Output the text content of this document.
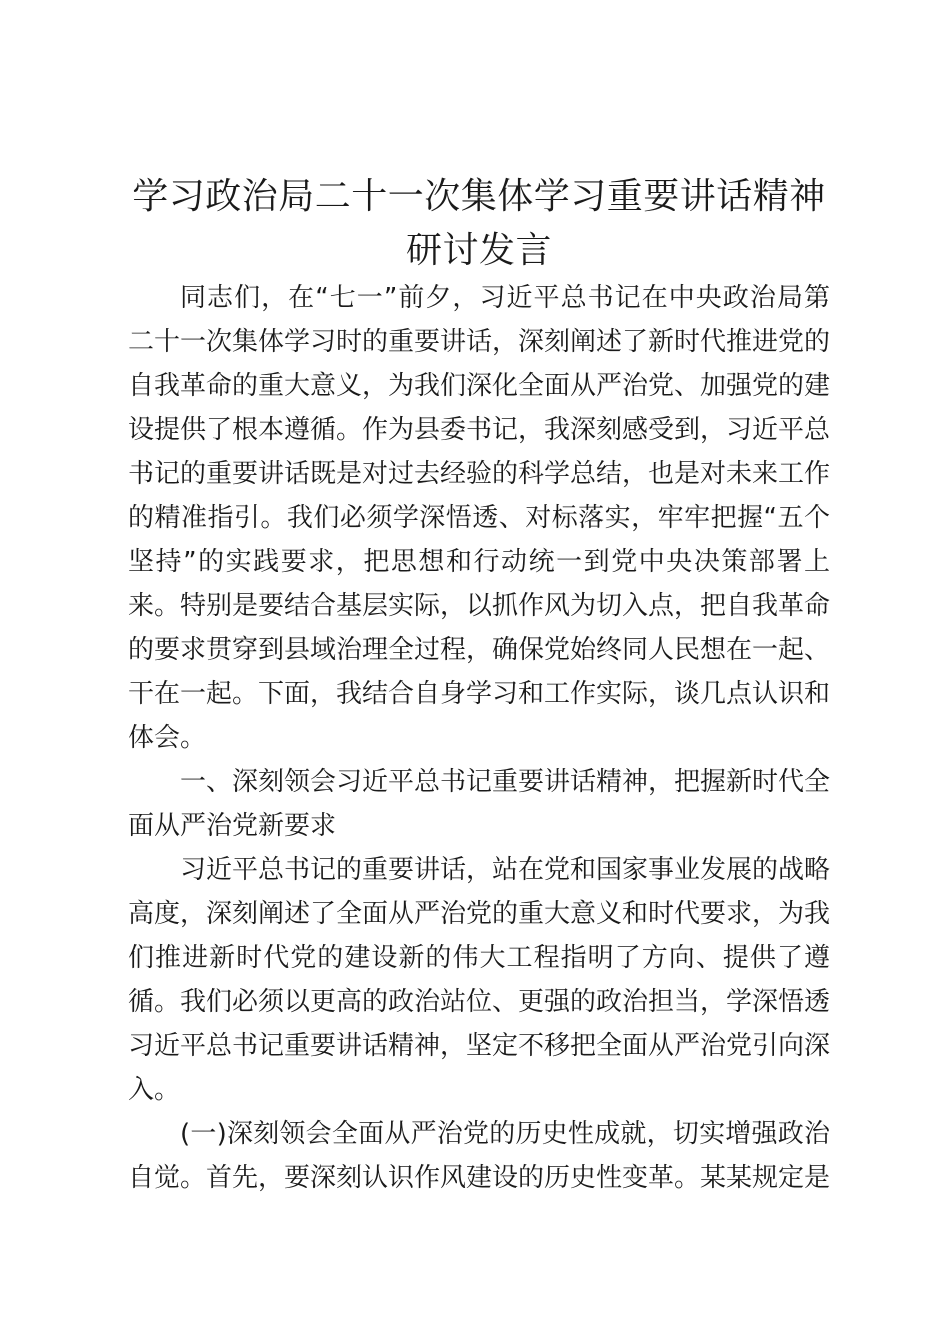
学习政治局二十一次集体学习重要讲话精神研讨发言

同志们，在“七一”前夕，习近平总书记在中央政治局第二十一次集体学习时的重要讲话，深刻阐述了新时代推进党的自我革命的重大意义，为我们深化全面从严治党、加强党的建设提供了根本遵循。作为县委书记，我深刻感受到，习近平总书记的重要讲话既是对过去经验的科学总结，也是对未来工作的精准指引。我们必须学深悟透、对标落实，牢牢把握“五个坚持”的实践要求，把思想和行动统一到党中央决策部署上来。特别是要结合基层实际，以抓作风为切入点，把自我革命的要求贯穿到县域治理全过程，确保党始终同人民想在一起、干在一起。下面，我结合自身学习和工作实际，谈几点认识和体会。

一、深刻领会习近平总书记重要讲话精神，把握新时代全面从严治党新要求

习近平总书记的重要讲话，站在党和国家事业发展的战略高度，深刻阐述了全面从严治党的重大意义和时代要求，为我们推进新时代党的建设新的伟大工程指明了方向、提供了遵循。我们必须以更高的政治站位、更强的政治担当，学深悟透习近平总书记重要讲话精神，坚定不移把全面从严治党引向深入。

(一)深刻领会全面从严治党的历史性成就，切实增强政治自觉。首先，要深刻认识作风建设的历史性变革。某某规定是
